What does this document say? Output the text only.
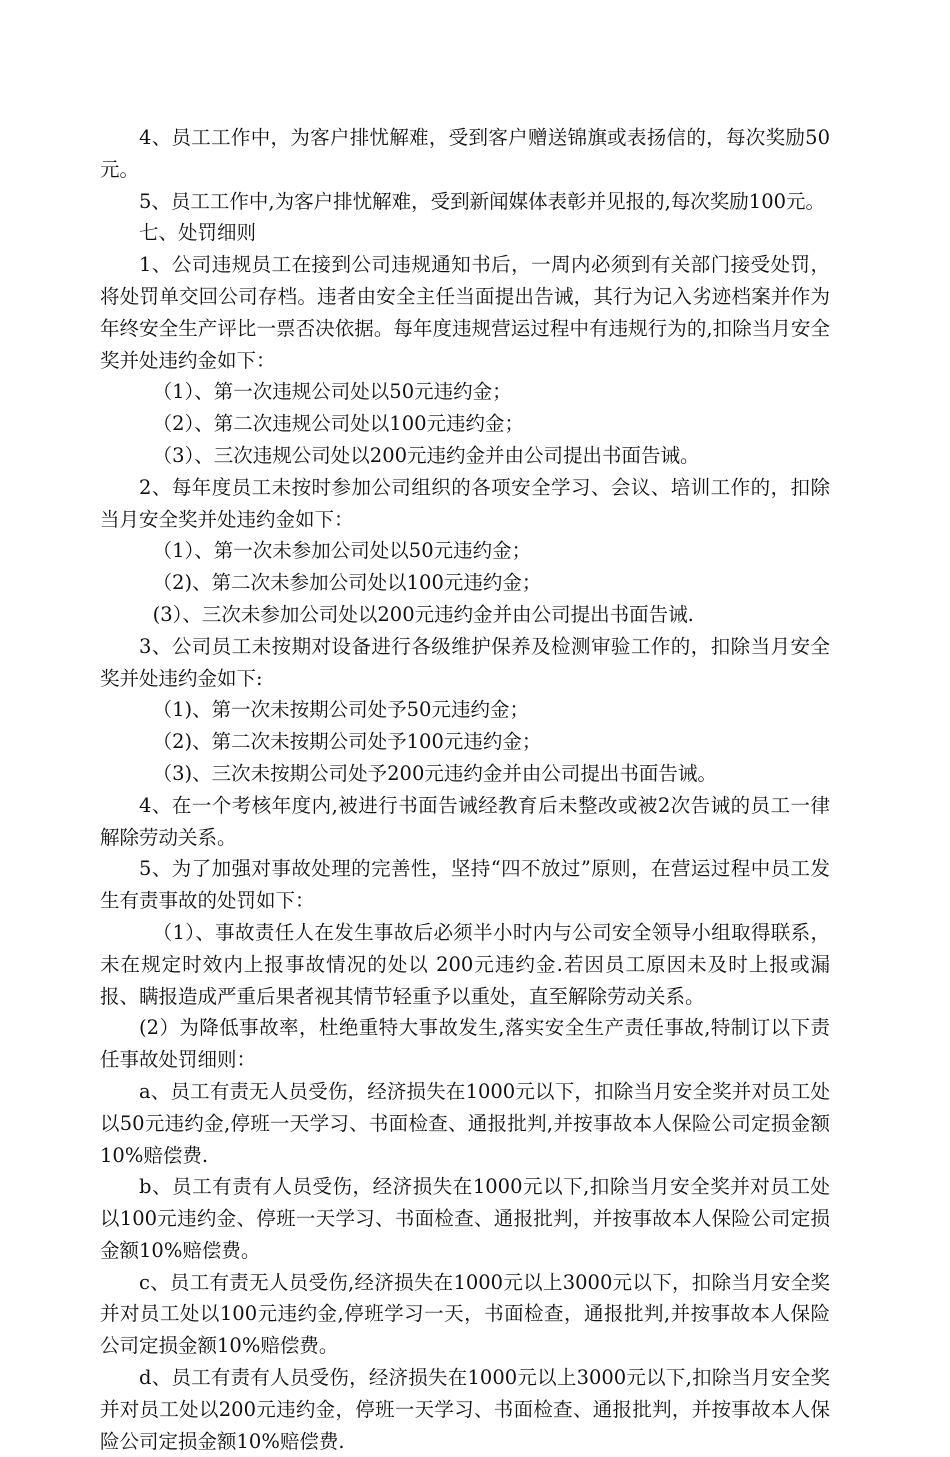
4、员工工作中，为客户排忧解难，受到客户赠送锦旗或表扬信的，每次奖励50元。

5、员工工作中,为客户排忧解难，受到新闻媒体表彰并见报的,每次奖励100元。

七、处罚细则

1、公司违规员工在接到公司违规通知书后，一周内必须到有关部门接受处罚，将处罚单交回公司存档。违者由安全主任当面提出告诫，其行为记入劣迹档案并作为年终安全生产评比一票否决依据。每年度违规营运过程中有违规行为的,扣除当月安全奖并处违约金如下：

（1）、第一次违规公司处以50元违约金；

（2）、第二次违规公司处以100元违约金；

（3）、三次违规公司处以200元违约金并由公司提出书面告诫。

2、每年度员工未按时参加公司组织的各项安全学习、会议、培训工作的，扣除当月安全奖并处违约金如下：

（1）、第一次未参加公司处以50元违约金；

（2)、第二次未参加公司处以100元违约金；

(3）、三次未参加公司处以200元违约金并由公司提出书面告诫.

3、公司员工未按期对设备进行各级维护保养及检测审验工作的，扣除当月安全奖并处违约金如下:

（1)、第一次未按期公司处予50元违约金；

（2)、第二次未按期公司处予100元违约金；

（3)、三次未按期公司处予200元违约金并由公司提出书面告诫。

4、在一个考核年度内,被进行书面告诫经教育后未整改或被2次告诫的员工一律解除劳动关系。

5、为了加强对事故处理的完善性，坚持“四不放过”原则，在营运过程中员工发生有责事故的处罚如下：

（1）、事故责任人在发生事故后必须半小时内与公司安全领导小组取得联系，未在规定时效内上报事故情况的处以 200元违约金.若因员工原因未及时上报或漏报、瞒报造成严重后果者视其情节轻重予以重处，直至解除劳动关系。

(2）为降低事故率，杜绝重特大事故发生,落实安全生产责任事故,特制订以下责任事故处罚细则：

a、员工有责无人员受伤，经济损失在1000元以下，扣除当月安全奖并对员工处以50元违约金,停班一天学习、书面检查、通报批判,并按事故本人保险公司定损金额10%赔偿费.

b、员工有责有人员受伤，经济损失在1000元以下,扣除当月安全奖并对员工处以100元违约金、停班一天学习、书面检查、通报批判，并按事故本人保险公司定损金额10%赔偿费。

c、员工有责无人员受伤,经济损失在1000元以上3000元以下，扣除当月安全奖并对员工处以100元违约金,停班学习一天，书面检查，通报批判,并按事故本人保险公司定损金额10%赔偿费。

d、员工有责有人员受伤，经济损失在1000元以上3000元以下,扣除当月安全奖并对员工处以200元违约金，停班一天学习、书面检查、通报批判，并按事故本人保险公司定损金额10%赔偿费.
